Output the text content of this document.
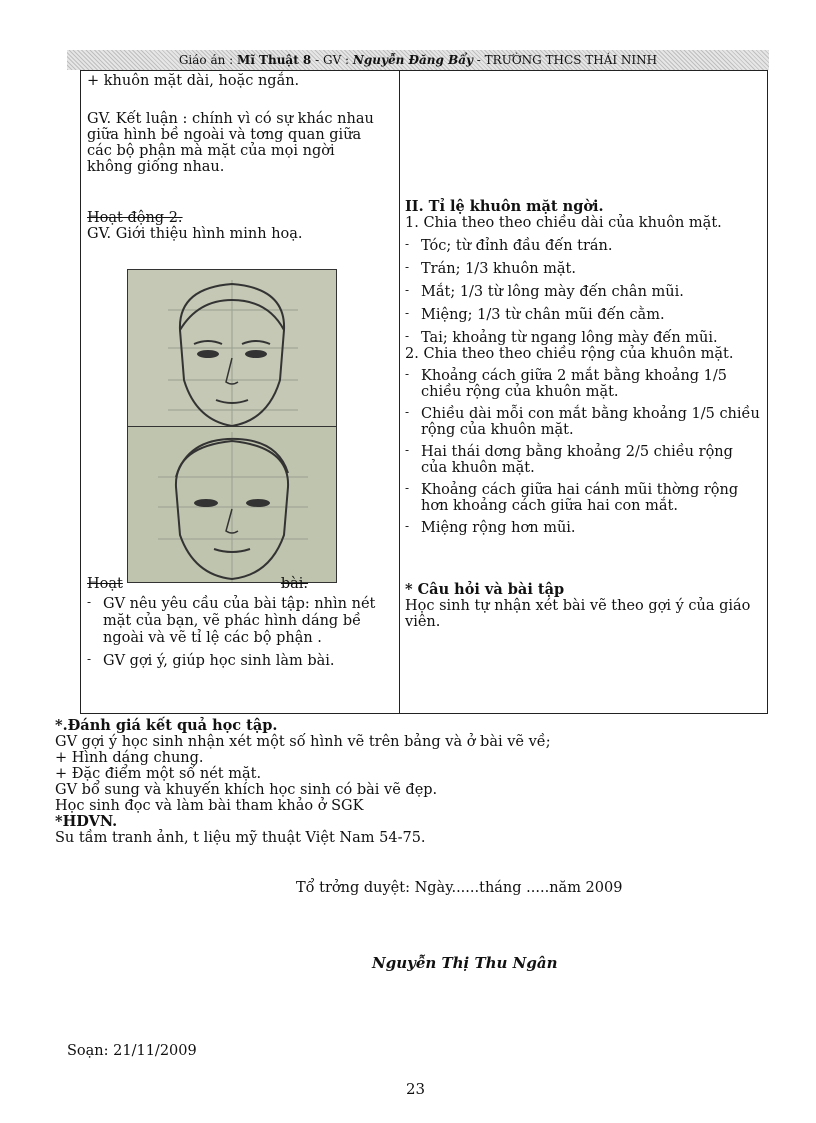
Giáo án : Mĩ Thuật 8 - GV : Nguyễn Đăng Bẩy - TRƯỜNG THCS THÁI NINH

+ khuôn mặt dài, hoặc ngắn.

GV. Kết luận : chính vì có sự khác nhau

giữa hình bề ngoài và tơng quan giữa

các bộ phận mà mặt của mọi ngời

không giống nhau.

Hoạt động 2.

GV. Giới thiệu hình minh hoạ.

Hoạt	bài.

- GV nêu yêu cầu của bài tập: nhìn nét mặt của bạn, vẽ phác hình dáng bề ngoài và vẽ tỉ lệ các bộ phận .

- GV gợi ý, giúp học sinh làm bài.

II. Tỉ lệ khuôn mặt ngời.

1. Chia theo theo chiều dài của khuôn mặt.

- Tóc; từ đỉnh đầu đến trán.

- Trán; 1/3 khuôn mặt.

- Mắt; 1/3 từ lông mày đến chân mũi.

- Miệng; 1/3 từ chân mũi đến cằm.

- Tai; khoảng từ ngang lông mày đến mũi.

2. Chia theo theo chiều rộng của khuôn mặt.

- Khoảng cách giữa 2 mắt bằng khoảng 1/5 chiều rộng của khuôn mặt.

- Chiều dài mỗi con mắt bằng khoảng 1/5 chiều rộng của khuôn mặt.

- Hai thái dơng bằng khoảng 2/5 chiều rộng của khuôn mặt.

- Khoảng cách giữa hai cánh mũi thờng rộng hơn khoảng cách giữa hai con mắt.

- Miệng rộng hơn mũi.

* Câu hỏi và bài tập

Học sinh tự nhận xét bài vẽ theo gợi ý của giáo viên.

*.Đánh giá kết quả học tập.

GV gợi ý học sinh nhận xét một số hình vẽ trên bảng và ở bài vẽ về;

+ Hình dáng chung.

+ Đặc điểm một số nét mặt.

GV bổ sung và khuyến khích học sinh có bài vẽ đẹp.

Học sinh đọc và làm bài tham khảo ở SGK

*HDVN.

Su tầm tranh ảnh, t liệu mỹ thuật Việt Nam 54-75.

Tổ trởng duyệt: Ngày......tháng .....năm 2009
Nguyễn Thị Thu Ngân
Soạn: 21/11/2009
23
